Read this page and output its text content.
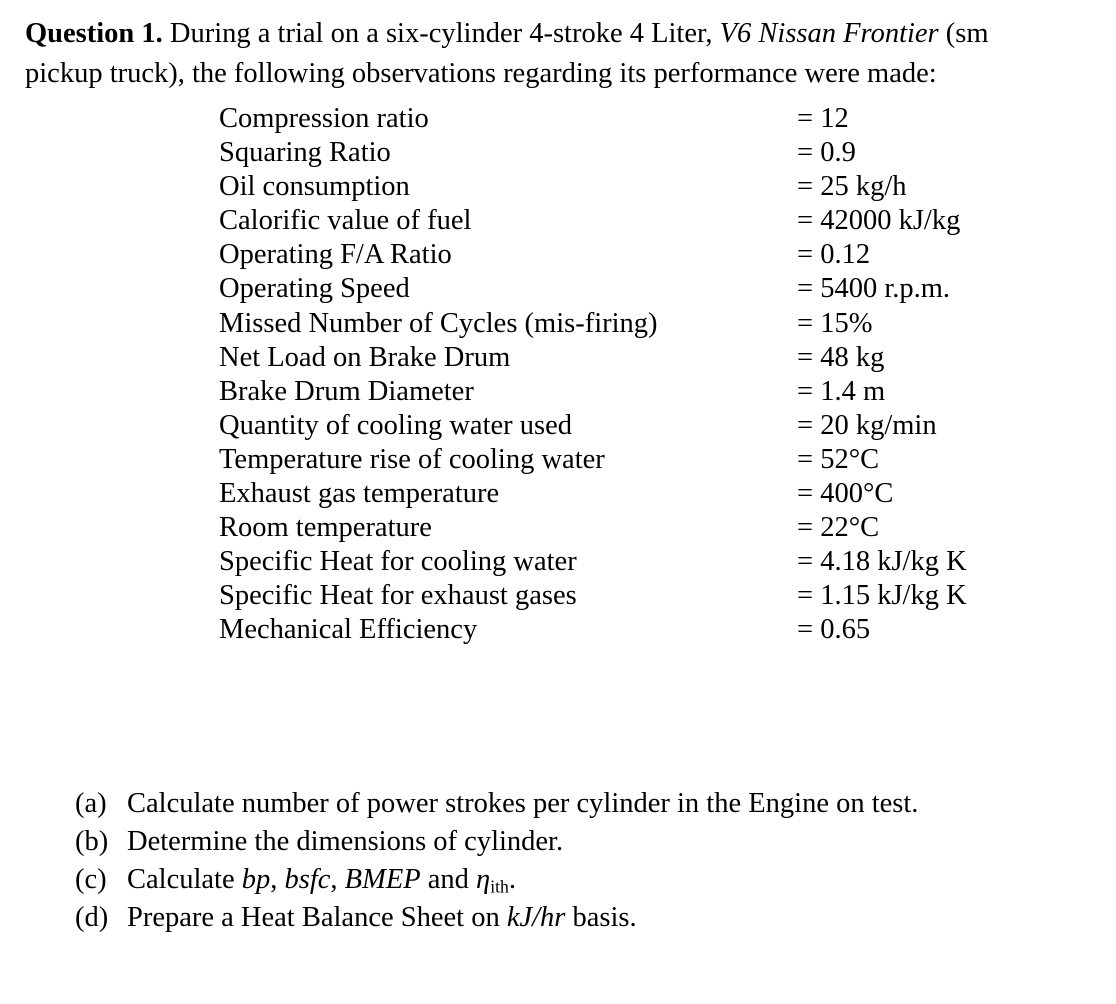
Question 1. During a trial on a six-cylinder 4-stroke 4 Liter, V6 Nissan Frontier (sm
pickup truck), the following observations regarding its performance were made:
Compression ratio	= 12
Squaring Ratio	= 0.9
Oil consumption	= 25 kg/h
Calorific value of fuel	= 42000 kJ/kg
Operating F/A Ratio	= 0.12
Operating Speed	= 5400 r.p.m.
Missed Number of Cycles (mis-firing)	= 15%
Net Load on Brake Drum	= 48 kg
Brake Drum Diameter	= 1.4 m
Quantity of cooling water used	= 20 kg/min
Temperature rise of cooling water	= 52°C
Exhaust gas temperature	= 400°C
Room temperature	= 22°C
Specific Heat for cooling water	= 4.18 kJ/kg K
Specific Heat for exhaust gases	= 1.15 kJ/kg K
Mechanical Efficiency	= 0.65
(a) Calculate number of power strokes per cylinder in the Engine on test.
(b) Determine the dimensions of cylinder.
(c) Calculate bp, bsfc, BMEP and $\eta_{ith}$.
(d) Prepare a Heat Balance Sheet on kJ/hr basis.
